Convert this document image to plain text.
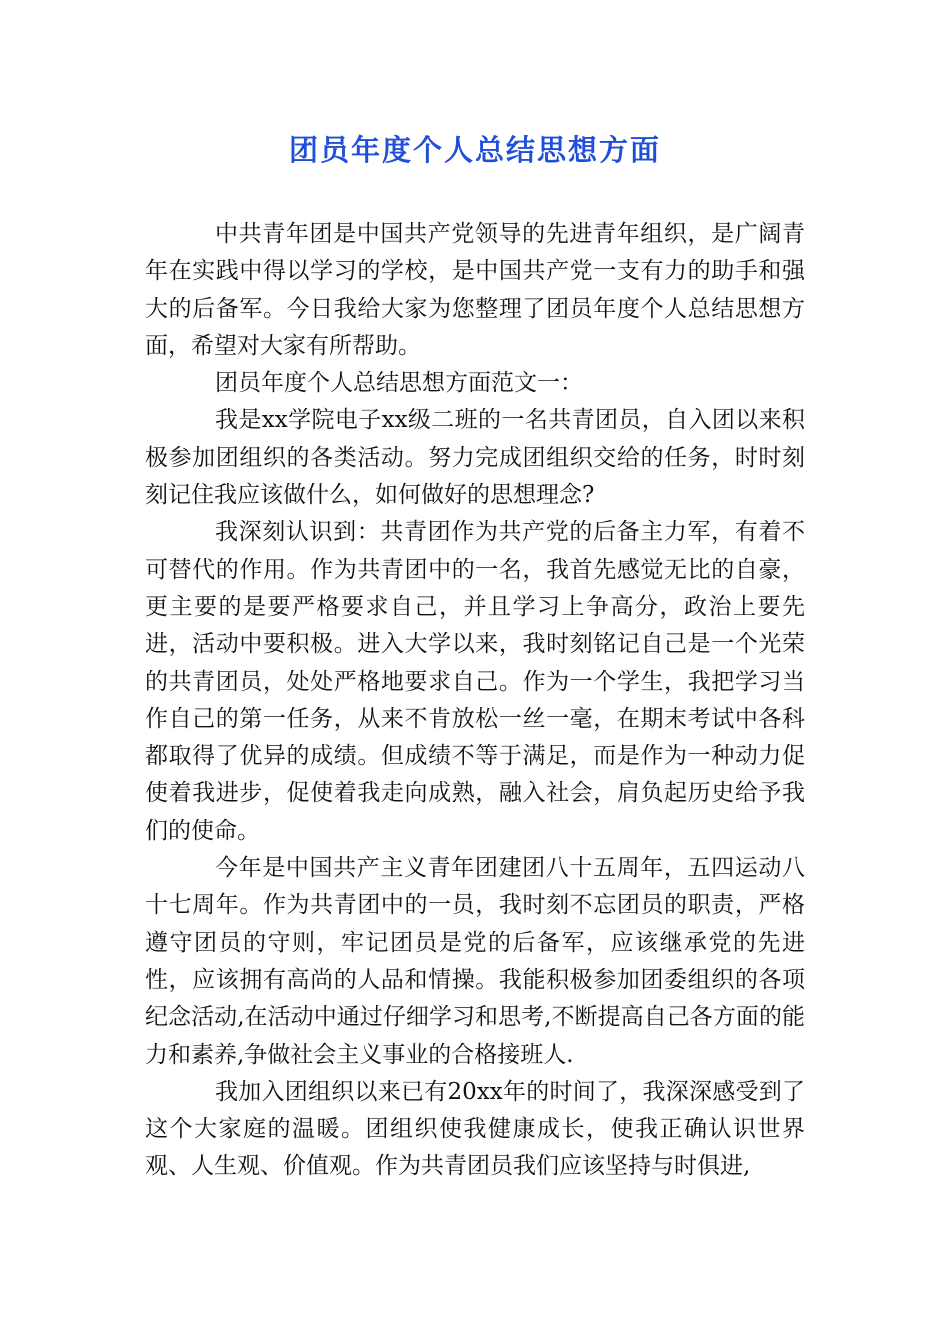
团员年度个人总结思想方面

中共青年团是中国共产党领导的先进青年组织，是广阔青年在实践中得以学习的学校，是中国共产党一支有力的助手和强大的后备军。今日我给大家为您整理了团员年度个人总结思想方面，希望对大家有所帮助。

团员年度个人总结思想方面范文一：

我是xx学院电子xx级二班的一名共青团员，自入团以来积极参加团组织的各类活动。努力完成团组织交给的任务，时时刻刻记住我应该做什么，如何做好的思想理念?

我深刻认识到：共青团作为共产党的后备主力军，有着不可替代的作用。作为共青团中的一名，我首先感觉无比的自豪，更主要的是要严格要求自己，并且学习上争高分，政治上要先进，活动中要积极。进入大学以来，我时刻铭记自己是一个光荣的共青团员，处处严格地要求自己。作为一个学生，我把学习当作自己的第一任务，从来不肯放松一丝一毫，在期末考试中各科都取得了优异的成绩。但成绩不等于满足，而是作为一种动力促使着我进步，促使着我走向成熟，融入社会，肩负起历史给予我们的使命。

今年是中国共产主义青年团建团八十五周年，五四运动八十七周年。作为共青团中的一员，我时刻不忘团员的职责，严格遵守团员的守则，牢记团员是党的后备军，应该继承党的先进性，应该拥有高尚的人品和情操。我能积极参加团委组织的各项纪念活动,在活动中通过仔细学习和思考,不断提高自己各方面的能力和素养,争做社会主义事业的合格接班人.

我加入团组织以来已有20xx年的时间了，我深深感受到了这个大家庭的温暖。团组织使我健康成长，使我正确认识世界观、人生观、价值观。作为共青团员我们应该坚持与时俱进,
